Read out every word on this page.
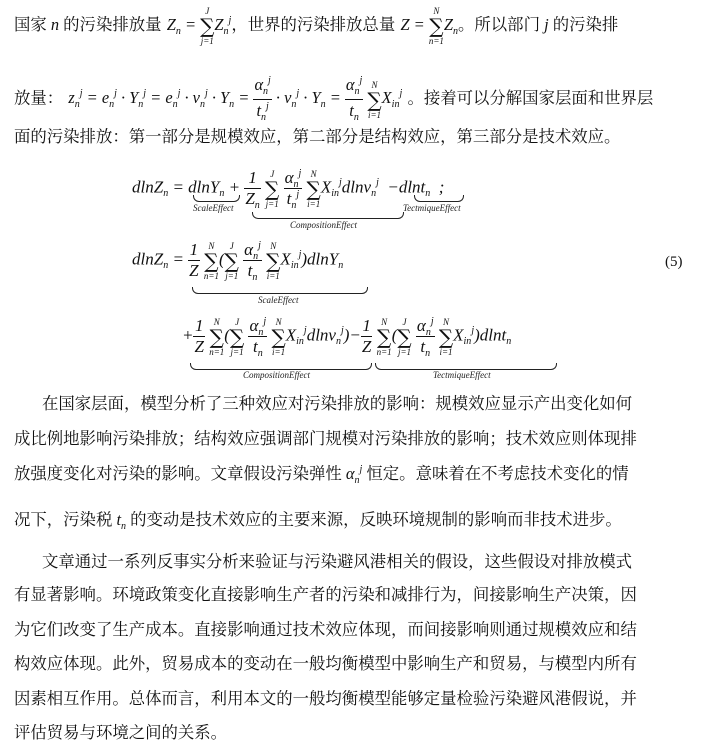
国家 n 的污染排放量 $Z_n$ =
J
∑
j=1
$Z_n^j$，世界的污染排放总量 Z =
N
∑
n=1
$Z_n$。所以部门 j 的污染排
放量： $z_n^j = e_n^j \cdot Y_n^j = e_n^j \cdot \nu_n^j \cdot Y_n = \frac{\alpha_n^j}{t_n^j} \cdot \nu_n^j \cdot Y_n = \frac{\alpha_n^j}{t_n}$
N
∑
i=1
$X_{in}^j$ 。接着可以分解国家层面和世界层
面的污染排放：第一部分是规模效应，第二部分是结构效应，第三部分是技术效应。
$dlnZ_n = dlnY_n + \frac{1}{Z_n}$
	J
∑
j=1
$\frac{\alpha_n^j}{t_n^j}$
N
∑
i=1
$X_{in}^jdln\nu_n^j -dlnt_n$  ;
ScaleEffect
CompositionEffect
TectmiqueEffect
$dlnZ_n = \frac{1}{Z}$
N
∑
n=1
(
J
∑
j=1
$\frac{\alpha_n^j}{t_n}$
N
∑
i=1
$X_{in}^j)dlnY_n$	(5)
ScaleEffect
+ $\frac{1}{Z}$
N
∑
n=1
(
J
∑
j=1
$\frac{\alpha_n^j}{t_n}$
N
∑
i=1
$X_{in}^jdln\nu_n^j)- \frac{1}{Z}$
N
∑
n=1
(
J
∑
j=1
$\frac{\alpha_n^j}{t_n}$
N
∑
i=1
$X_{in}^j)dlnt_n$
CompositionEffect	TectmiqueEffect
在国家层面，模型分析了三种效应对污染排放的影响：规模效应显示产出变化如何
成比例地影响污染排放；结构效应强调部门规模对污染排放的影响；技术效应则体现排
放强度变化对污染的影响。文章假设污染弹性 $\alpha_n^j$ 恒定。意味着在不考虑技术变化的情
况下，污染税 $t_n$ 的变动是技术效应的主要来源，反映环境规制的影响而非技术进步。
文章通过一系列反事实分析来验证与污染避风港相关的假设，这些假设对排放模式
有显著影响。环境政策变化直接影响生产者的污染和减排行为，间接影响生产决策，因
为它们改变了生产成本。直接影响通过技术效应体现，而间接影响则通过规模效应和结
构效应体现。此外，贸易成本的变动在一般均衡模型中影响生产和贸易，与模型内所有
因素相互作用。总体而言，利用本文的一般均衡模型能够定量检验污染避风港假说，并
评估贸易与环境之间的关系。
